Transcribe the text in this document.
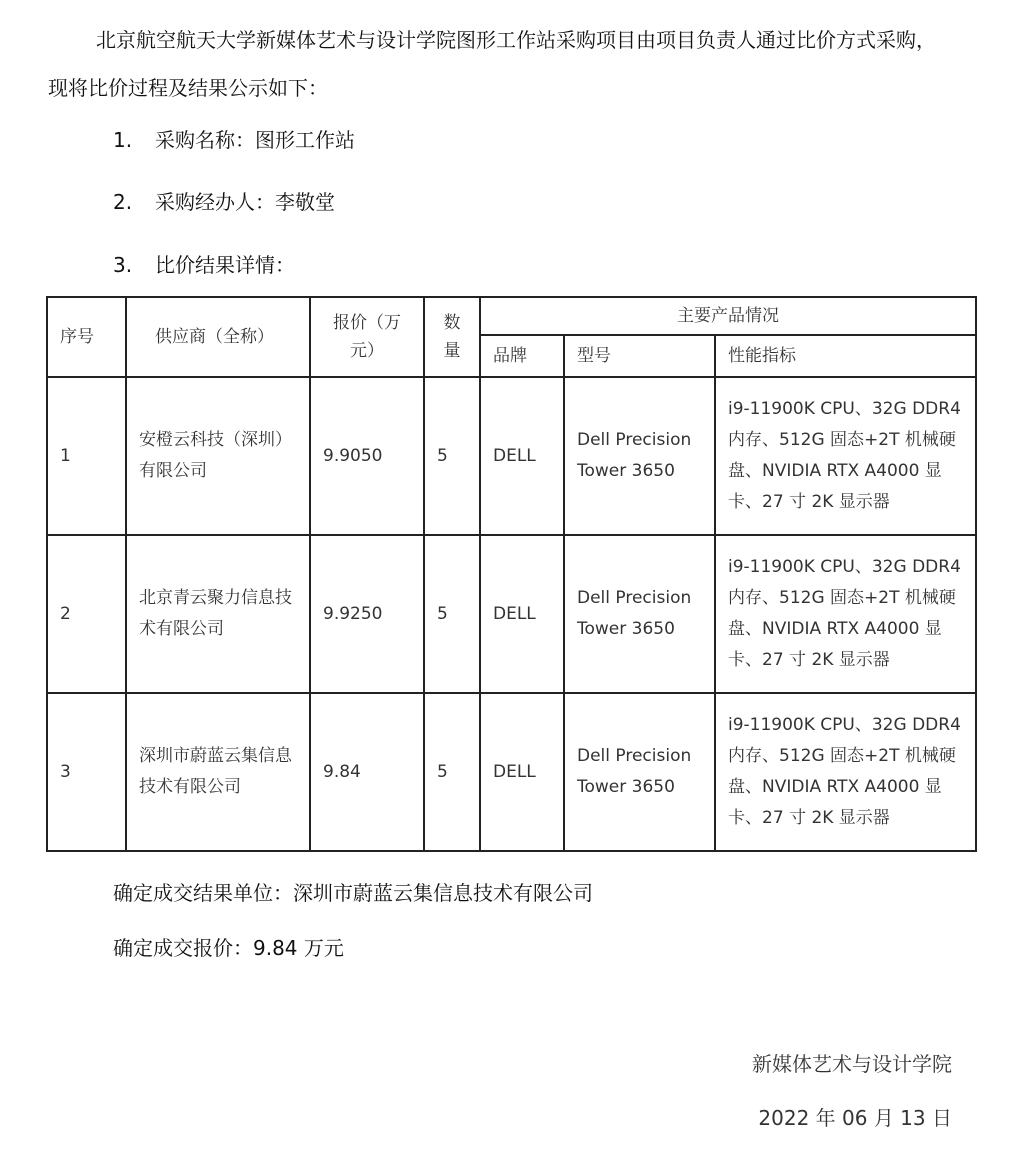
北京航空航天大学新媒体艺术与设计学院图形工作站采购项目由项目负责人通过比价方式采购，现将比价过程及结果公示如下：

1. 采购名称：图形工作站
2. 采购经办人：李敬堂
3. 比价结果详情：
序号	供应商（全称）	报价（万元）	数量	主要产品情况		
				品牌	型号	性能指标
1	安橙云科技（深圳）有限公司	9.9050	5	DELL	Dell Precision Tower 3650	i9-11900K CPU、32G DDR4 内存、512G 固态+2T 机械硬盘、NVIDIA RTX A4000 显卡、27 寸 2K 显示器
2	北京青云聚力信息技术有限公司	9.9250	5	DELL	Dell Precision Tower 3650	i9-11900K CPU、32G DDR4 内存、512G 固态+2T 机械硬盘、NVIDIA RTX A4000 显卡、27 寸 2K 显示器
3	深圳市蔚蓝云集信息技术有限公司	9.84	5	DELL	Dell Precision Tower 3650	i9-11900K CPU、32G DDR4 内存、512G 固态+2T 机械硬盘、NVIDIA RTX A4000 显卡、27 寸 2K 显示器
确定成交结果单位：深圳市蔚蓝云集信息技术有限公司
确定成交报价：9.84 万元
新媒体艺术与设计学院
2022 年 06 月 13 日
